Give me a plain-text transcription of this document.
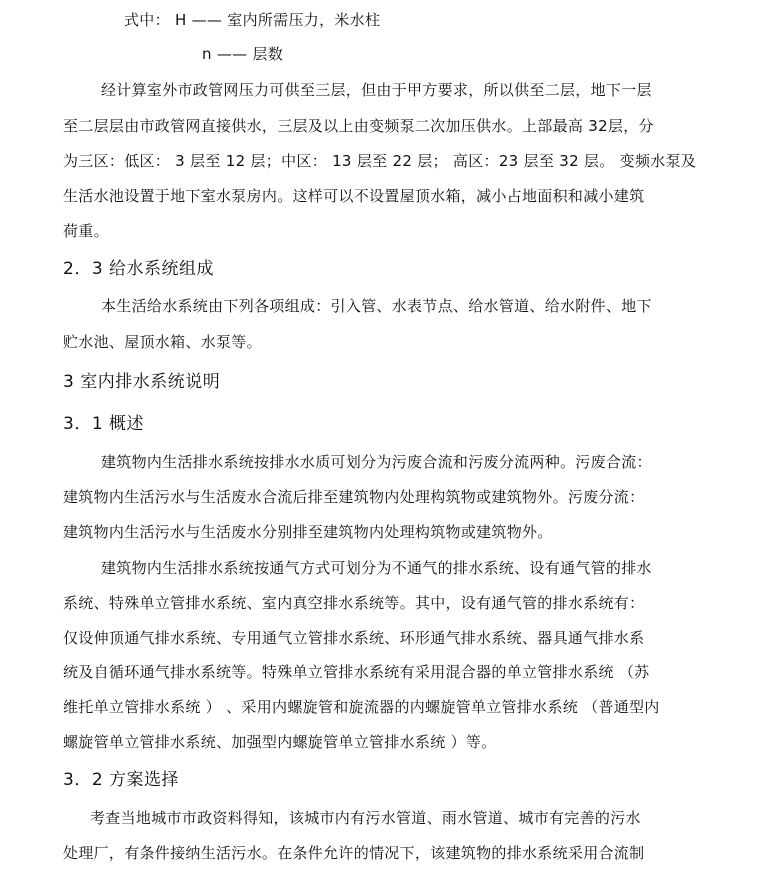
式中： H —— 室内所需压力，米水柱

n —— 层数

经计算室外市政管网压力可供至三层，但由于甲方要求，所以供至二层，地下一层

至二层层由市政管网直接供水，三层及以上由变频泵二次加压供水。上部最高 32层，分

为三区：低区： 3 层至 12 层；中区： 13 层至 22 层； 高区：23 层至 32 层。 变频水泵及

生活水池设置于地下室水泵房内。这样可以不设置屋顶水箱，减小占地面积和减小建筑

荷重。

2．3 给水系统组成

本生活给水系统由下列各项组成：引入管、水表节点、给水管道、给水附件、地下

贮水池、屋顶水箱、水泵等。

3 室内排水系统说明

3．1 概述

建筑物内生活排水系统按排水水质可划分为污废合流和污废分流两种。污废合流：

建筑物内生活污水与生活废水合流后排至建筑物内处理构筑物或建筑物外。污废分流：

建筑物内生活污水与生活废水分别排至建筑物内处理构筑物或建筑物外。

建筑物内生活排水系统按通气方式可划分为不通气的排水系统、设有通气管的排水

系统、特殊单立管排水系统、室内真空排水系统等。其中，设有通气管的排水系统有：

仅设伸顶通气排水系统、专用通气立管排水系统、环形通气排水系统、器具通气排水系

统及自循环通气排水系统等。特殊单立管排水系统有采用混合器的单立管排水系统 （苏

维托单立管排水系统 ） 、采用内螺旋管和旋流器的内螺旋管单立管排水系统 （普通型内

螺旋管单立管排水系统、加强型内螺旋管单立管排水系统 ）等。

3．2 方案选择

考查当地城市市政资料得知，该城市内有污水管道、雨水管道、城市有完善的污水

处理厂，有条件接纳生活污水。在条件允许的情况下，该建筑物的排水系统采用合流制
